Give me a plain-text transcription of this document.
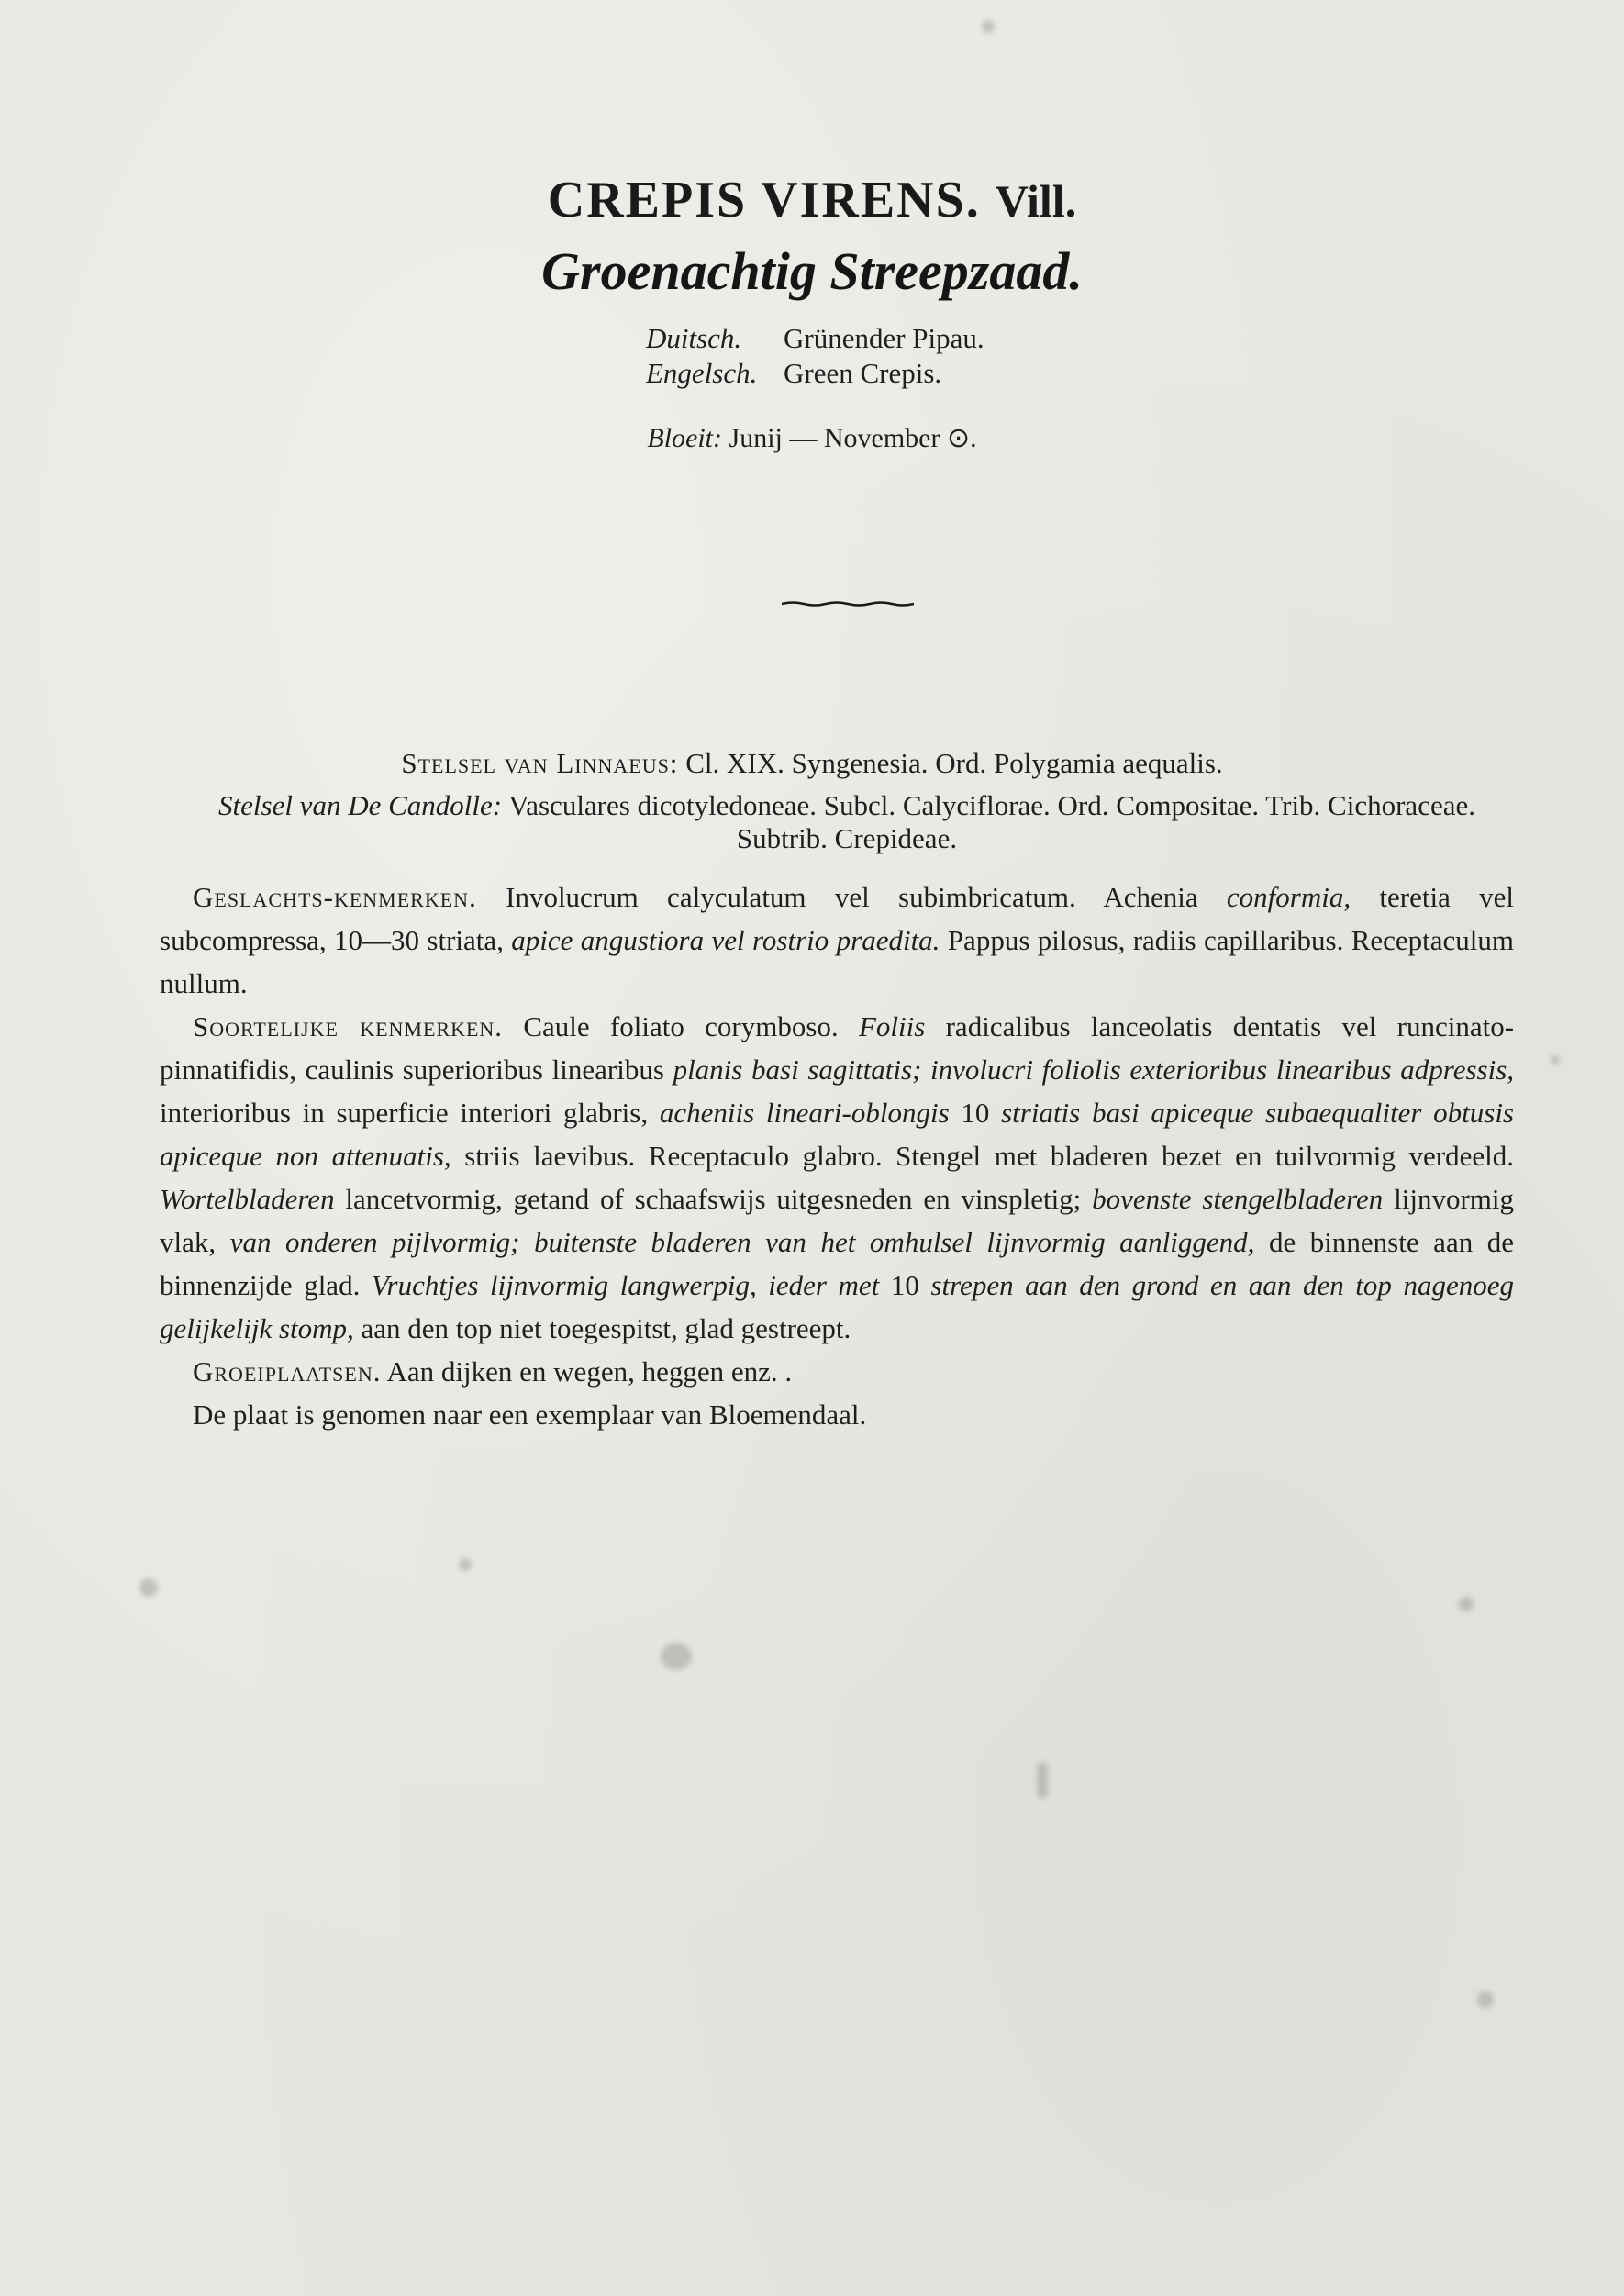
CREPIS VIRENS. Vill.
Groenachtig Streepzaad.
Duitsch. Grünender Pipau.
Engelsch. Green Crepis.
Bloeit: Junij — November ⊙.
Stelsel van Linnaeus: Cl. XIX. Syngenesia. Ord. Polygamia aequalis.
Stelsel van De Candolle: Vasculares dicotyledoneae. Subcl. Calyciflorae. Ord. Compositae. Trib. Cichoraceae. Subtrib. Crepideae.

Geslachts-kenmerken. Involucrum calyculatum vel subimbricatum. Achenia conformia, teretia vel subcompressa, 10—30 striata, apice angustiora vel rostrio praedita. Pappus pilosus, radiis capillaribus. Receptaculum nullum.

Soortelijke kenmerken. Caule foliato corymboso. Foliis radicalibus lanceolatis dentatis vel runcinato-pinnatifidis, caulinis superioribus linearibus planis basi sagittatis; involucri foliolis exterioribus linearibus adpressis, interioribus in superficie interiori glabris, acheniis lineari-oblongis 10 striatis basi apiceque subaequaliter obtusis apiceque non attenuatis, striis laevibus. Receptaculo glabro. Stengel met bladeren bezet en tuilvormig verdeeld. Wortelbladeren lancetvormig, getand of schaafswijs uitgesneden en vinspletig; bovenste stengelbladeren lijnvormig vlak, van onderen pijlvormig; buitenste bladeren van het omhulsel lijnvormig aanliggend, de binnenste aan de binnenzijde glad. Vruchtjes lijnvormig langwerpig, ieder met 10 strepen aan den grond en aan den top nagenoeg gelijkelijk stomp, aan den top niet toegespitst, glad gestreept.

Groeiplaatsen. Aan dijken en wegen, heggen enz. .

De plaat is genomen naar een exemplaar van Bloemendaal.
